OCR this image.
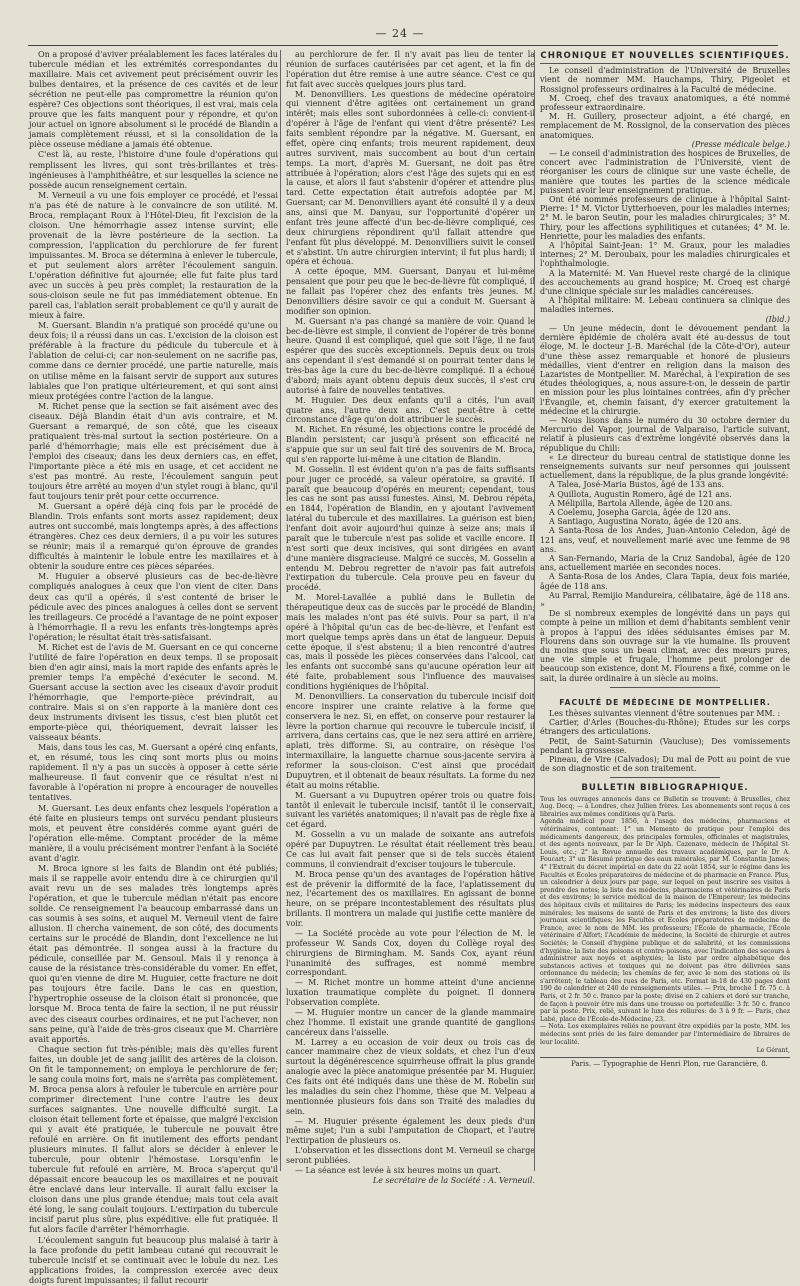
— 24 —

On a proposé d'aviver préalablement les faces latérales du tubercule médian et les extrémités correspondantes du maxillaire. Mais cet avivement peut précisément ouvrir les bulbes dentaires, et la présence de ces cavités et de leur sécrétion ne peut-elle pas compromettre la réunion qu'on espère? Ces objections sont théoriques, il est vrai, mais cela prouve que les faits manquent pour y répondre, et qu'on jour actuel on ignore absolument si le procédé de Blandin a jamais complètement réussi, et si la consolidation de la pièce osseuse médiane a jamais été obtenue.

C'est là, au reste, l'histoire d'une foule d'opérations qui remplissent les livres, qui sont très-brillantes et très-ingénieuses à l'amphithéâtre, et sur lesquelles la science ne possède aucun renseignement certain.

M. Verneuil a vu une fois employer ce procédé, et l'essai n'a pas été de nature à le convaincre de son utilité. M. Broca, remplaçant Roux à l'Hôtel-Dieu, fit l'excision de la cloison. Une hémorrhagie assez intense survint; elle provenait de la lèvre postérieure de la section. La compression, l'application du perchlorure de fer furent impuissantes. M. Broca se détermina à enlever le tubercule, et put seulement alors arrêter l'écoulement sanguin. L'opération définitive fut ajournée; elle fut faite plus tard avec un succès à peu près complet; la restauration de la sous-cloison seule ne fut pas immédiatement obtenue. En pareil cas, l'ablation serait probablement ce qu'il y aurait de mieux à faire.

M. Guersant. Blandin n'a pratiqué son procédé qu'une ou deux fois; il a réussi dans un cas. L'excision de la cloison est préférable à la fracture du pédicule du tubercule et à l'ablation de celui-ci; car non-seulement on ne sacrifie pas, comme dans ce dernier procédé, une partie naturelle, mais on utilise même en la faisant servir de support aux sutures labiales que l'on pratique ultérieurement, et qui sont ainsi mieux protégées contre l'action de la langue.

M. Richet pense que la section se fait aisément avec des ciseaux. Déjà Blandin était d'un avis contraire, et M. Guersant a remarqué, de son côté, que les ciseaux pratiquaient très-mal surtout la section postérieure. On a parlé d'hémorrhagie; mais elle est précisément due à l'emploi des ciseaux; dans les deux derniers cas, en effet, l'importante pièce a été mis en usage, et cet accident ne s'est pas montré. Au reste, l'écoulement sanguin peut toujours être arrêté au moyen d'un stylet rougi à blanc, qu'il faut toujours tenir prêt pour cette occurrence.

M. Guersant a opéré déjà cinq fois par le procédé de Blandin. Trois enfants sont morts assez rapidement; deux autres ont succombé, mais longtemps après, à des affections étrangères. Chez ces deux derniers, il a pu voir les sutures se réunir; mais il a remarqué qu'on éprouve de grandes difficultés à maintenir le lobule entre les maxillaires et à obtenir la soudure entre ces pièces séparées.

M. Huguier a observé plusieurs cas de bec-de-lièvre compliqués analogues à ceux que l'on vient de citer. Dans deux cas qu'il a opérés, il s'est contenté de briser le pédicule avec des pinces analogues à celles dont se servent les treillageurs. Ce procédé a l'avantage de ne point exposer à l'hémorrhagie. Il a revu les enfants très-longtemps après l'opération; le résultat était très-satisfaisant.

M. Richet est de l'avis de M. Guersant en ce qui concerne l'utilité de faire l'opération en deux temps. Il se proposait bien d'en agir ainsi, mais la mort rapide des enfants après le premier temps l'a empêché d'exécuter le second. M. Guersant accuse la section avec les ciseaux d'avoir produit l'hémorrhagie, que l'emporte-pièce prévindrait, au contraire. Mais si on s'en rapporte à la manière dont ces deux instruments divisent les tissus, c'est bien plutôt cet emporte-pièce qui, théoriquement, devrait laisser les vaisseaux béants.

Mais, dans tous les cas, M. Guersant a opéré cinq enfants, et, en résumé, tous les cinq sont morts plus ou moins rapidement. Il n'y a pas un succès à opposer à cette série malheureuse. Il faut convenir que ce résultat n'est ni favorable à l'opération ni propre à encourager de nouvelles tentatives.

M. Guersant. Les deux enfants chez lesquels l'opération a été faite en plusieurs temps ont survécu pendant plusieurs mois, et peuvent être considérés comme ayant guéri de l'opération elle-même. Comptant procéder de la même manière, il a voulu précisément montrer l'enfant à la Société avant d'agir.

M. Broca ignore si les faits de Blandin ont été publiés; mais il se rappelle avoir entendu dire à ce chirurgien qu'il avait revu un de ses malades très longtemps après l'opération, et que le tubercule médian n'était pas encore solide. Ce renseignement l'a beaucoup embarrassé dans un cas soumis à ses soins, et auquel M. Verneuil vient de faire allusion. Il chercha vainement, de son côté, des documents certains sur le procédé de Blandin, dont l'excellence ne lui était pas démontrée. Il songea aussi à la fracture du pédicule, conseillée par M. Gensoul. Mais il y renonça à cause de la résistance très-considérable du vomer. En effet, quoi qu'en vienne de dire M. Huguier, cette fracture ne doit pas toujours être facile. Dans le cas en question, l'hypertrophie osseuse de la cloison était si prononcée, que lorsque M. Broca tenta de faire la section, il ne put réussir avec des ciseaux courbes ordinaires, et ne put l'achever, non sans peine, qu'à l'aide de très-gros ciseaux que M. Charrière avait apportés.

Chaque section fut très-pénible; mais dès qu'elles furent faites, un double jet de sang jaillit des artères de la cloison. On fit le tamponnement; on employa le perchlorure de fer; le sang coula moins fort, mais ne s'arrêta pas complètement. M. Broca pensa alors à refouler le tubercule en arrière pour comprimer directement l'une contre l'autre les deux surfaces saignantes. Une nouvelle difficulté surgit. La cloison était tellement forte et épaisse, que malgré l'excision qui y avait été pratiquée, le tubercule ne pouvait être refoulé en arrière. On fit inutilement des efforts pendant plusieurs minutes. Il fallut alors se décider à enlever le tubercule, pour obtenir l'hémostase. Lorsqu'enfin le tubercule fut refoulé en arrière, M. Broca s'aperçut qu'il dépassait encore beaucoup les os maxillaires et ne pouvait être enclavé dans leur intervalle. Il aurait fallu exciser la cloison dans une plus grande étendue; mais tout cela avait été long, le sang coulait toujours. L'extirpation du tubercule incisif parut plus sûre, plus expéditive: elle fut pratiquée. Il fut alors facile d'arrêter l'hémorrhagie.

L'écoulement sanguin fut beaucoup plus malaisé à tarir à la face profonde du petit lambeau cutané qui recouvrait le tubercule incisif et se continuait avec le lobule du nez. Les applications froides, la compression exercée avec deux doigts furent impuissantes; il fallut recourir

au perchlorure de fer. Il n'y avait pas lieu de tenter la réunion de surfaces cautérisées par cet agent, et la fin de l'opération dut être remise à une autre séance. C'est ce qui fut fait avec succès quelques jours plus tard.

M. Denonvilliers. Les questions de médecine opératoire qui viennent d'être agitées ont certainement un grand intérêt; mais elles sont subordonnées à celle-ci: convient-il d'opérer à l'âge de l'enfant qui vient d'être présenté? Les faits semblent répondre par la négative. M. Guersant, en effet, opère cinq enfants; trois meurent rapidement, deux autres survivent, mais succombent au bout d'un certain temps. La mort, d'après M. Guersant, ne doit pas être attribuée à l'opération; alors c'est l'âge des sujets qui en est la cause, et alors il faut s'abstenir d'opérer et attendre plus tard. Cette expectation était autrefois adoptée par M. Guersant; car M. Denonvilliers ayant été consulté il y a deux ans, ainsi que M. Danyau, sur l'opportunité d'opérer un enfant très jeune affecté d'un bec-de-lièvre compliqué, ces deux chirurgiens répondirent qu'il fallait attendre que l'enfant fût plus développé. M. Denonvilliers suivit le conseil et s'abstint. Un autre chirurgien intervint; il fut plus hardi; il opéra et échoua.

A cette époque, MM. Guersant, Danyau et lui-même pensaient que pour peu que le bec-de-lièvre fût compliqué, il ne fallait pas l'opérer chez des enfants très jeunes. M. Denonvilliers désire savoir ce qui a conduit M. Guersant à modifier son opinion.

M. Guersant n'a pas changé sa manière de voir. Quand le bec-de-lièvre est simple, il convient de l'opérer de très bonne heure. Quand il est compliqué, quel que soit l'âge, il ne faut espérer que des succès exceptionnels. Depuis deux ou trois ans cependant il s'est demandé si on pourrait tenter dans le très-bas âge la cure du bec-de-lièvre compliqué. Il a échoué d'abord; mais ayant obtenu depuis deux succès, il s'est cru autorisé à faire de nouvelles tentatives.

M. Huguier. Des deux enfants qu'il a cités, l'un avait quatre ans, l'autre deux ans. C'est peut-être à cette circonstance d'âge qu'on doit attribuer le succès.

M. Richet. En résumé, les objections contre le procédé de Blandin persistent; car jusqu'à présent son efficacité ne s'appuie que sur un seul fait tiré des souvenirs de M. Broca, qui s'en rapporte lui-même à une citation de Blandin.

M. Gosselin. Il est évident qu'on n'a pas de faits suffisants pour juger ce procédé, sa valeur opératoire, sa gravité. Il paraît que beaucoup d'opérés en meurent; cependant, tous les cas ne sont pas aussi funestes. Ainsi, M. Debrou répéta, en 1844, l'opération de Blandin, en y ajoutant l'avivement latéral du tubercule et des maxillaires. La guérison est bien; l'enfant doit avoir aujourd'hui quinze à seize ans; mais il paraît que le tubercule n'est pas solide et vacille encore. Il n'est sorti que deux incisives, qui sont dirigées en avant d'une manière disgracieuse. Malgré ce succès, M. Gosselin a entendu M. Debrou regretter de n'avoir pas fait autrefois l'extirpation du tubercule. Cela prouve peu en faveur du procédé.

M. Morel-Lavallée a publié dans le Bulletin de thérapeutique deux cas de succès par le procédé de Blandin; mais les malades n'ont pas été suivis. Pour sa part, il n'a opéré à l'hôpital qu'un cas de bec-de-lièvre, et l'enfant est mort quelque temps après dans un état de langueur. Depuis cette époque, il s'est abstenu; il a bien rencontré d'autres cas, mais il possède les pièces conservées dans l'alcool, car les enfants ont succombé sans qu'aucune opération leur ait été faite, probablement sous l'influence des mauvaises conditions hygiéniques de l'hôpital.

M. Denonvilliers. La conservation du tubercule incisif doit encore inspirer une crainte relative à la forme que conservera le nez. Si, en effet, on conserve pour restaurer la lèvre la portion charnue qui recouvre le tubercule incisif, il arrivera, dans certains cas, que le nez sera attiré en arrière, aplati, très difforme. Si, au contraire, on résèque l'os intermaxillaire, la languette charnue sous-jacente servira à reformer la sous-cloison. C'est ainsi que procédait Dupuytren, et il obtenait de beaux résultats. La forme du nez était au moins rétablie.

M. Guersant a vu Dupuytren opérer trois ou quatre fois: tantôt il enlevait le tubercule incisif, tantôt il le conservait, suivant les variétés anatomiques; il n'avait pas de règle fixe à cet égard.

M. Gosselin a vu un malade de soixante ans autrefois opéré par Dupuytren. Le résultat était réellement très beau. Ce cas lui avait fait penser que si de tels succès étaient communs, il conviendrait d'exciser toujours le tubercule.

M. Broca pense qu'un des avantages de l'opération hâtive est de prévenir la difformité de la face, l'aplatissement du nez, l'écartement des os maxillaires. En agissant de bonne heure, on se prépare incontestablement des résultats plus brillants. Il montrera un malade qui justifie cette manière de voir.

— La Société procède au vote pour l'élection de M. le professeur W. Sands Cox, doyen du Collège royal des chirurgiens de Birmingham. M. Sands Cox, ayant réuni l'unanimité des suffrages, est nommé membre correspondant.

— M. Richet montre un homme atteint d'une ancienne luxation traumatique complète du poignet. Il donnera l'observation complète.

— M. Huguier montre un cancer de la glande mammaire chez l'homme. Il existait une grande quantité de ganglions cancéreux dans l'aisselle.

M. Larrey a eu occasion de voir deux ou trois cas de cancer mammaire chez de vieux soldats, et chez l'un d'eux surtout la dégénérescence squirrheuse offrait la plus grande analogie avec la pièce anatomique présentée par M. Huguier. Ces faits ont été indiqués dans une thèse de M. Robelin sur les maladies du sein chez l'homme, thèse que M. Velpeau a mentionnée plusieurs fois dans son Traité des maladies du sein.

— M. Huguier présente également les deux pieds d'un même sujet; l'un a subi l'amputation de Chopart, et l'autre l'extirpation de plusieurs os.

L'observation et les dissections dont M. Verneuil se charge seront publiées.

— La séance est levée à six heures moins un quart.

Le secrétaire de la Société : A. Verneuil.

CHRONIQUE ET NOUVELLES SCIENTIFIQUES.

Le conseil d'administration de l'Université de Bruxelles vient de nommer MM. Hauchamps, Thiry, Pigeolet et Rossignol professeurs ordinaires à la Faculté de médecine.

M. Croeq, chef des travaux anatomiques, a été nommé professeur extraordinaire.

M. H. Guillery, prosecteur adjoint, a été chargé, en remplacement de M. Rossignol, de la conservation des pièces anatomiques.

(Presse médicale belge.)

— Le conseil d'administration des hospices de Bruxelles, de concert avec l'administration de l'Université, vient de réorganiser les cours de clinique sur une vaste échelle, de manière que toutes les parties de la science médicale puissent avoir leur enseignement pratique.

Ont été nommés professeurs de clinique à l'hôpital Saint-Pierre: 1° M. Victor Uytterhoeven, pour les maladies internes; 2° M. le baron Seutin, pour les maladies chirurgicales; 3° M. Thiry, pour les affections syphilitiques et cutanées; 4° M. le. Henriette, pour les maladies des enfants.

A l'hôpital Saint-Jean: 1° M. Graux, pour les maladies internes; 2° M. Deroubaix, pour les maladies chirurgicales et l'ophthalmologie.

A la Maternité: M. Van Huevel reste chargé de la clinique des accouchements au grand hospice; M. Croeq est chargé d'une clinique spéciale sur les maladies cancéreuses.

A l'hôpital militaire: M. Lebeau continuera sa clinique des maladies internes.

(Ibid.)

— Un jeune médecin, dont le dévouement pendant la dernière épidémie de choléra avait été au-dessus de tout éloge, M. le docteur J.-B. Maréchal (de la Côte-d'Or), auteur d'une thèse assez remarquable et honoré de plusieurs médailles, vient d'entrer en religion dans la maison des Lazaristes de Montpellier. M. Maréchal, à l'expiration de ses études théologiques, a, nous assure-t-on, le dessein de partir en mission pour les plus lointaines contrées, afin d'y prêcher l'Évangile, et, chemin faisant, d'y exercer gratuitement la médecine et la chirurgie.

— Nous lisons dans le numéro du 30 octobre dernier du Mercurio del Vapor, journal de Valparaiso, l'article suivant, relatif à plusieurs cas d'extrême longévité observés dans la république du Chili:

« Le directeur du bureau central de statistique donne les renseignements suivants sur neuf personnes qui jouissent actuellement, dans la république, de la plus grande longévité:

A Talea, José-Maria Bustos, âgé de 133 ans.

A Quillota, Augustin Romero, âgé de 121 ans.

A Mélipilla, Bartola Allende, âgée de 120 ans.

A Coelemu, Josepha Garcia, âgée de 120 ans.

A Santiago, Augustina Norato, âgée de 120 ans.

A Santa-Rosa de los Andes, Juan-Antonio Celedon, âgé de 121 ans, veuf, et nouvellement marié avec une femme de 98 ans.

A San-Fernando, Maria de la Cruz Sandobal, âgée de 120 ans, actuellement mariée en secondes noces.

A Santa-Rosa de los Andes, Clara Tapia, deux fois mariée, âgée de 118 ans.

Au Parral, Remijio Mandureira, célibataire, âgé de 118 ans. »

De si nombreux exemples de longévité dans un pays qui compte à peine un million et demi d'habitants semblent venir à propos à l'appui des idées séduisantes émises par M. Flourens dans son ouvrage sur la vie humaine. Ils prouvent du moins que sous un beau climat, avec des mœurs pures, une vie simple et frugale, l'homme peut prolonger de beaucoup son existence, dont M. Flourens a fixé, comme on le sait, la durée ordinaire à un siècle au moins.

FACULTÉ DE MÉDECINE DE MONTPELLIER.

Les thèses suivantes viennent d'être soutenues par MM. :

Cartier, d'Arles (Bouches-du-Rhône); Études sur les corps étrangers des articulations.

Petit, de Saint-Saturnin (Vaucluse); Des vomissements pendant la grossesse.

Pineau, de Vire (Calvados); Du mal de Pott au point de vue de son diagnostic et de son traitement.

BULLETIN BIBLIOGRAPHIQUE.

Tous les ouvrages annoncés dans ce Bulletin se trouvent: à Bruxelles, chez Aug. Decq; — à Londres, chez Jullien frères. Les abonnements sont reçus à ces librairies aux mêmes conditions qu'à Paris.

Agenda médical pour 1856, à l'usage des médecins, pharmaciens et vétérinaires, contenant: 1° un Memento de pratique pour l'emploi des médicaments dangereux, des principales formules, officinales et magistrales, et des agents nouveaux, par le Dr Alph. Cazenave, médecin de l'hôpital St-Louis, etc.; 2° la Revue annuelle des travaux académiques, par le Dr A. Foucart; 3° un Résumé pratique des eaux minérales, par M. Constantin James; 4° l'Extrait du décret impérial en date du 22 août 1854, sur le régime dans les Facultés et Écoles préparatoires de médecine et de pharmacie en France. Plus, un calendrier à deux jours par page, sur lequel on peut inscrire ses visites à prendre des notes; la liste des médecins, pharmaciens et vétérinaires de Paris et des environs; le service médical de la maison de l'Empereur; les médecins des hôpitaux civils et militaires de Paris; les médecins inspecteurs des eaux minérales; les maisons de santé de Paris et des environs; la liste des divers journaux scientifiques; les Facultés et Écoles préparatoires de médecine de France, avec le nom de MM. les professeurs; l'École de pharmacie, l'École vétérinaire d'Alfort; l'Académie de médecine, la Société de chirurgie et autres Sociétés; le Conseil d'hygiène publique et de salubrité, et les commissions d'hygiène; la liste des poisons et contre-poisons, avec l'indication des secours à administrer aux noyés et asphyxiés; la liste par ordre alphabétique des substances actives et toxiques qui ne doivent pas être délivrées sans ordonnance du médecin; les chemins de fer, avec le nom des stations où ils s'arrêtent; le tableau des rues de Paris, etc. Format in-18 de 430 pages dont 190 de calendrier et 240 de renseignements utiles. — Prix, broché 1 fr. 75 c. à Paris, et 2 fr. 50 c. franco par la poste; divisé en 2 cahiers et doré sur tranche, de façon à pouvoir être mis dans une trousse ou portefeuille: 3 fr. 50 c. franco par la poste. Prix, relié, suivant le luxe des reliures: de 3 à 9 fr. — Paris, chez Labé, place de l'École-de-Médecine, 23.

— Nota. Les exemplaires reliés ne pouvant être expédiés par la poste, MM. les médecins sont priés de les faire demander par l'intermédiaire de libraires de leur localité.

Le Gérant,

Paris. — Typographie de Henri Plon, rue Garancière, 8.
